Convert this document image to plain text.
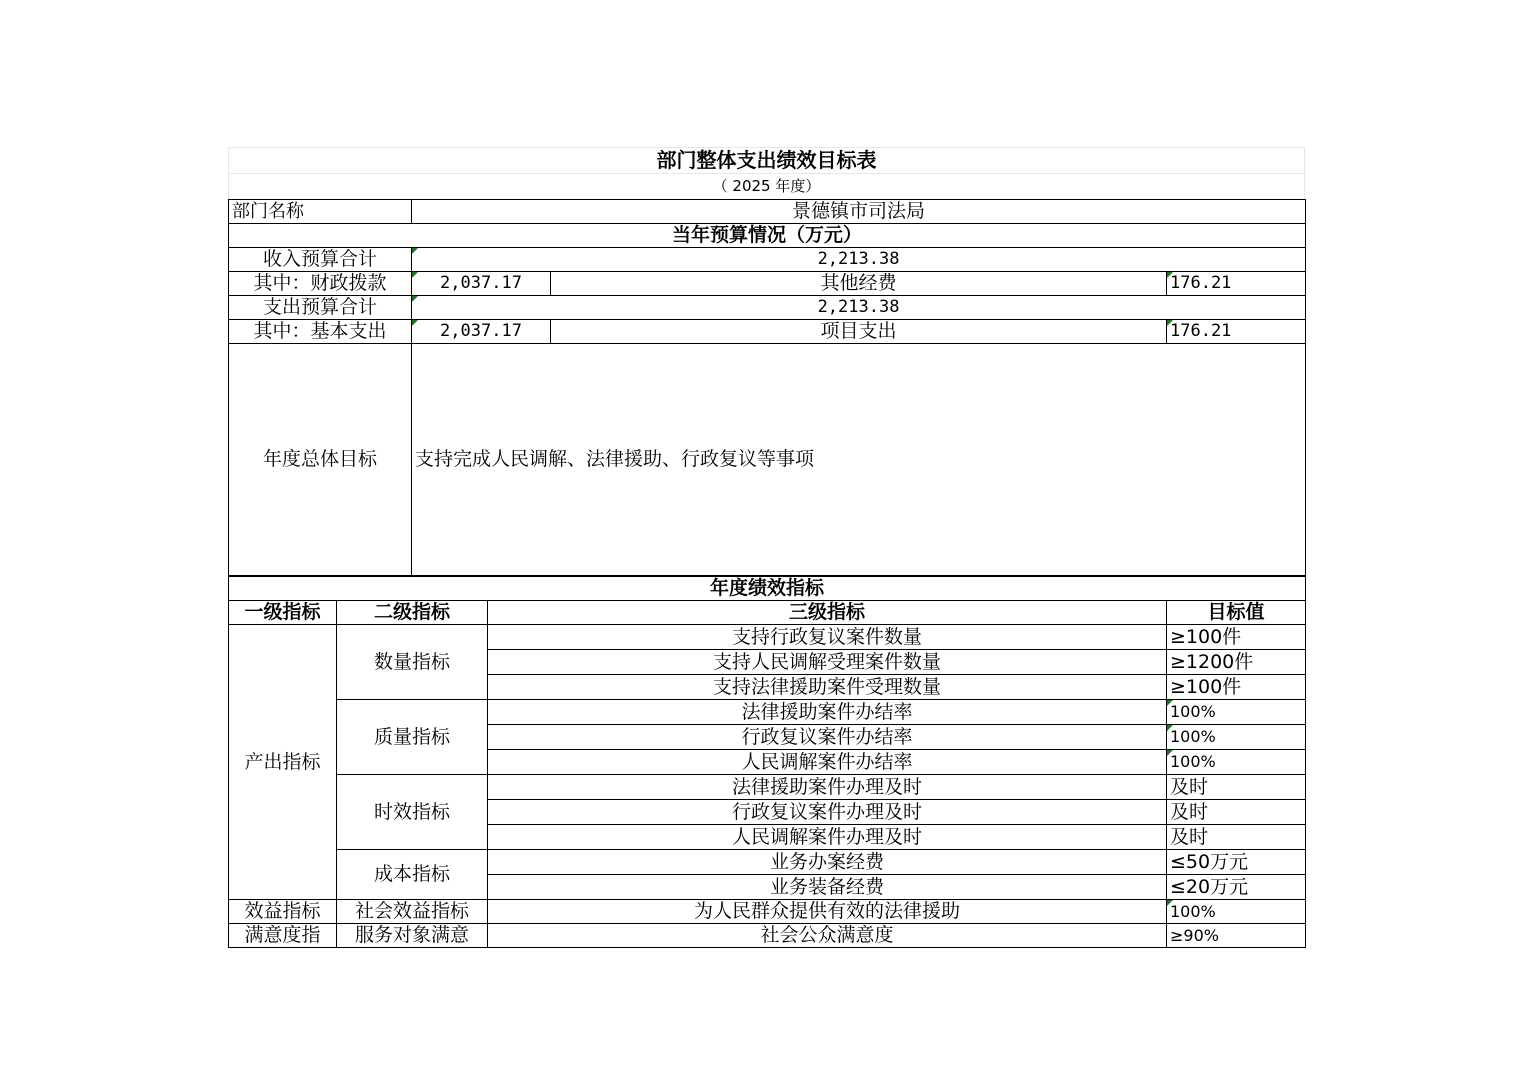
部门整体支出绩效目标表
（ 2025 年度）
部门名称	景德镇市司法局		
当年预算情况（万元）			
收入预算合计	2,213.38		
其中：财政拨款	2,037.17	其他经费	176.21
支出预算合计	2,213.38		
其中：基本支出	2,037.17	项目支出	176.21
年度总体目标	支持完成人民调解、法律援助、行政复议等事项		
年度绩效指标			
一级指标	二级指标	三级指标	目标值
产出指标	数量指标	支持行政复议案件数量	≥100件
		支持人民调解受理案件数量	≥1200件
		支持法律援助案件受理数量	≥100件
	质量指标	法律援助案件办结率	100%
		行政复议案件办结率	100%
		人民调解案件办结率	100%
	时效指标	法律援助案件办理及时	及时
		行政复议案件办理及时	及时
		人民调解案件办理及时	及时
	成本指标	业务办案经费	≤50万元
		业务装备经费	≤20万元
效益指标	社会效益指标	为人民群众提供有效的法律援助	100%
满意度指	服务对象满意	社会公众满意度	≥90%
